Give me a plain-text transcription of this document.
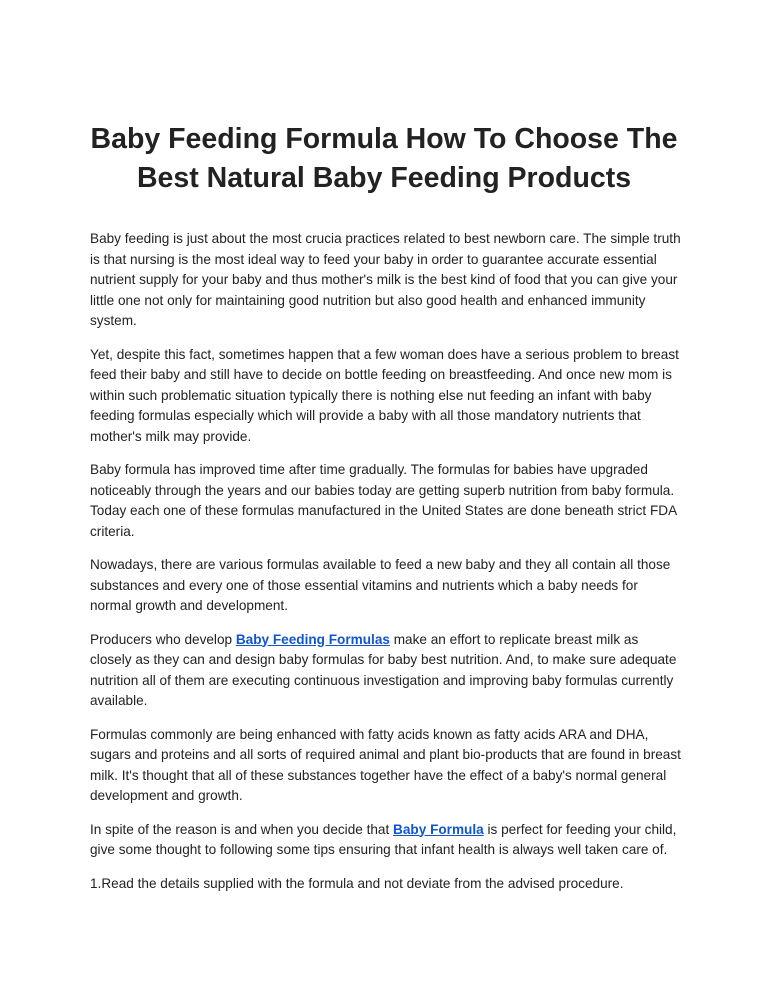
Baby Feeding Formula How To Choose The Best Natural Baby Feeding Products

Baby feeding is just about the most crucia practices related to best newborn care. The simple truth is that nursing is the most ideal way to feed your baby in order to guarantee accurate essential nutrient supply for your baby and thus mother's milk is the best kind of food that you can give your little one not only for maintaining good nutrition but also good health and enhanced immunity system.

Yet, despite this fact, sometimes happen that a few woman does have a serious problem to breast feed their baby and still have to decide on bottle feeding on breastfeeding. And once new mom is within such problematic situation typically there is nothing else nut feeding an infant with baby feeding formulas especially which will provide a baby with all those mandatory nutrients that mother's milk may provide.

Baby formula has improved time after time gradually. The formulas for babies have upgraded noticeably through the years and our babies today are getting superb nutrition from baby formula. Today each one of these formulas manufactured in the United States are done beneath strict FDA criteria.

Nowadays, there are various formulas available to feed a new baby and they all contain all those substances and every one of those essential vitamins and nutrients which a baby needs for normal growth and development.

Producers who develop Baby Feeding Formulas make an effort to replicate breast milk as closely as they can and design baby formulas for baby best nutrition. And, to make sure adequate nutrition all of them are executing continuous investigation and improving baby formulas currently available.

Formulas commonly are being enhanced with fatty acids known as fatty acids ARA and DHA, sugars and proteins and all sorts of required animal and plant bio-products that are found in breast milk. It's thought that all of these substances together have the effect of a baby's normal general development and growth.

In spite of the reason is and when you decide that Baby Formula is perfect for feeding your child, give some thought to following some tips ensuring that infant health is always well taken care of.

1.Read the details supplied with the formula and not deviate from the advised procedure.
